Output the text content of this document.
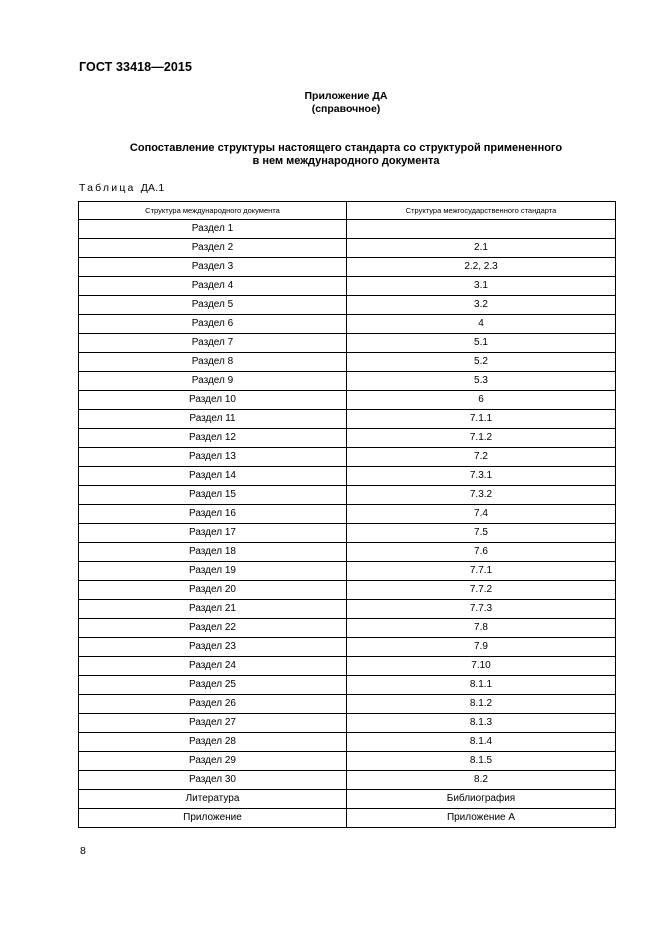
ГОСТ 33418—2015
Приложение ДА
(справочное)
Сопоставление структуры настоящего стандарта со структурой примененного
в нем международного документа
Таблица ДА.1
Структура международного документа	Структура межгосударственного стандарта
Раздел 1	
Раздел 2	2.1
Раздел 3	2.2, 2.3
Раздел 4	3.1
Раздел 5	3.2
Раздел 6	4
Раздел 7	5.1
Раздел 8	5.2
Раздел 9	5.3
Раздел 10	6
Раздел 11	7.1.1
Раздел 12	7.1.2
Раздел 13	7.2
Раздел 14	7.3.1
Раздел 15	7.3.2
Раздел 16	7.4
Раздел 17	7.5
Раздел 18	7.6
Раздел 19	7.7.1
Раздел 20	7.7.2
Раздел 21	7.7.3
Раздел 22	7.8
Раздел 23	7.9
Раздел 24	7.10
Раздел 25	8.1.1
Раздел 26	8.1.2
Раздел 27	8.1.3
Раздел 28	8.1.4
Раздел 29	8.1.5
Раздел 30	8.2
Литература	Библиография
Приложение	Приложение А
8
